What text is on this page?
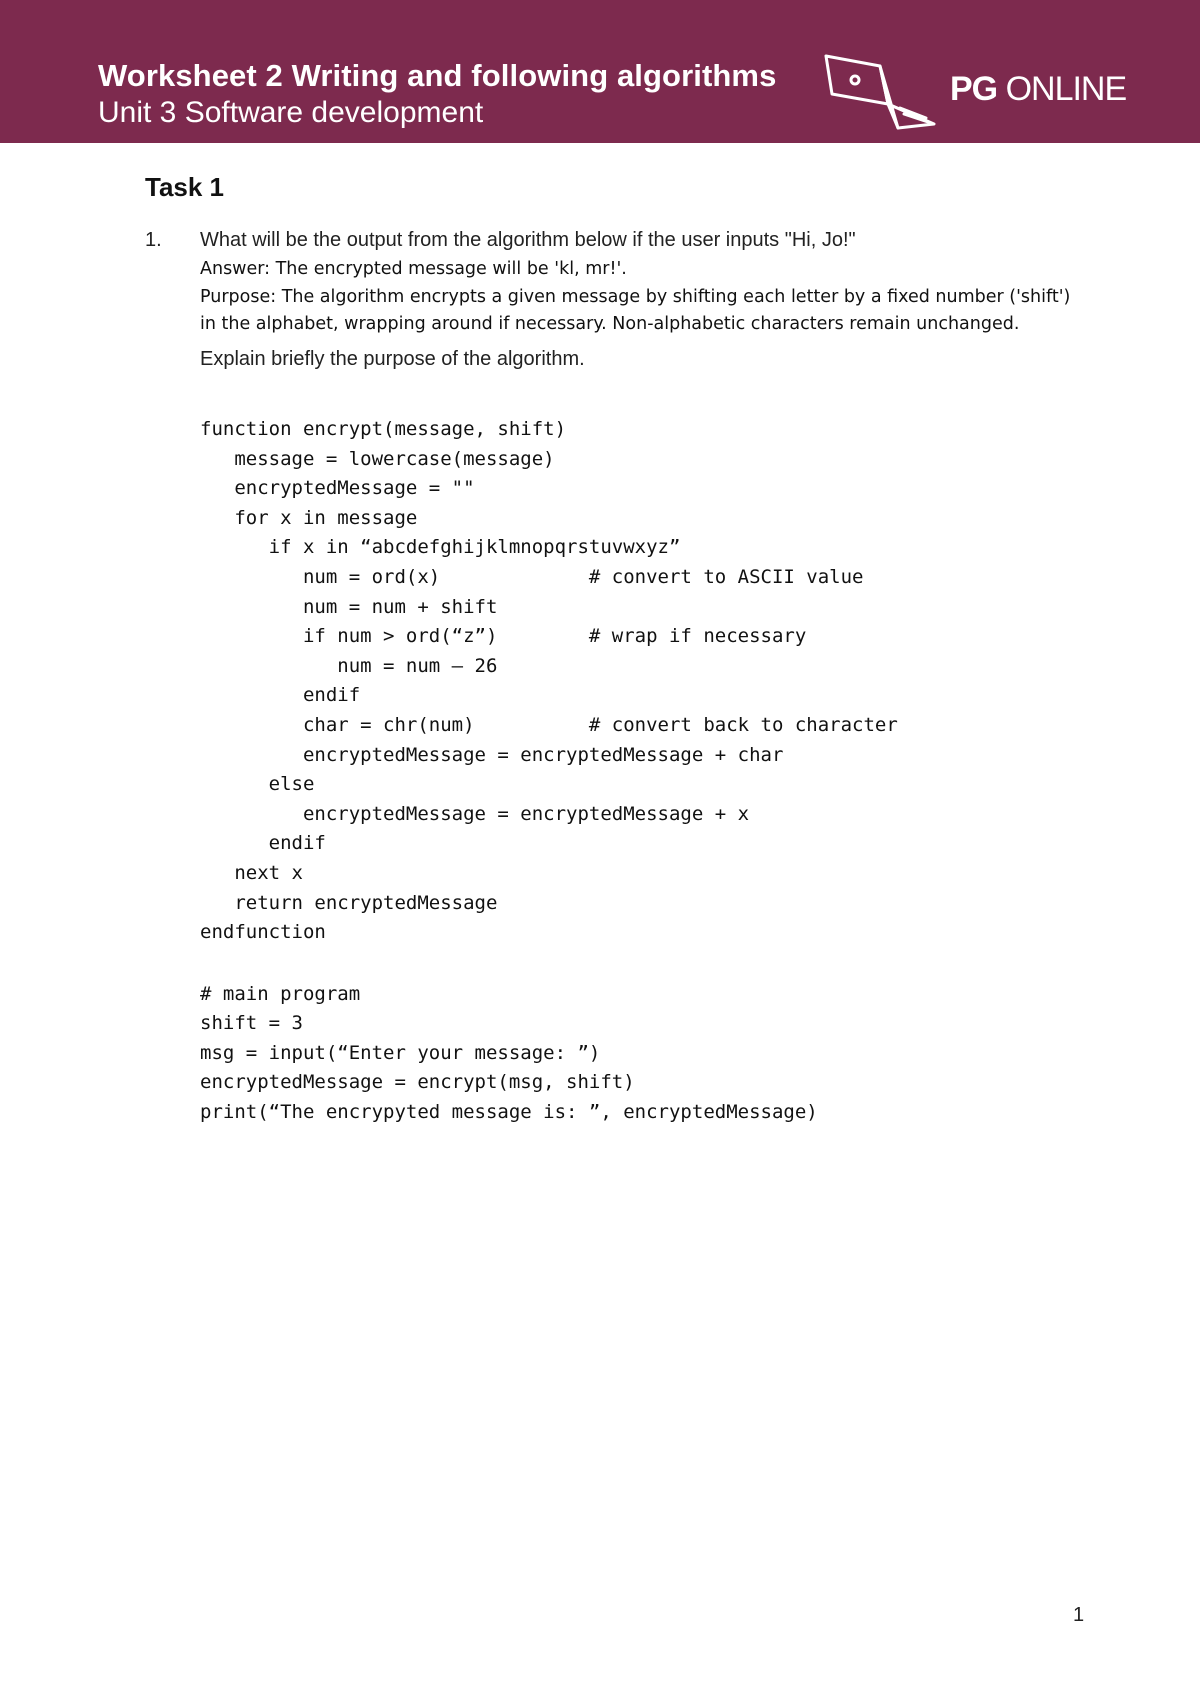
Worksheet 2 Writing and following algorithms
Unit 3 Software development
PG ONLINE
Task 1
1. What will be the output from the algorithm below if the user inputs "Hi, Jo!"

Answer: The encrypted message will be 'kl, mr!'.

Purpose: The algorithm encrypts a given message by shifting each letter by a fixed number ('shift')

in the alphabet, wrapping around if necessary. Non-alphabetic characters remain unchanged.

Explain briefly the purpose of the algorithm.
function encrypt(message, shift)
message = lowercase(message)
encryptedMessage = ""
for x in message
if x in “abcdefghijklmnopqrstuvwxyz”
num = ord(x)             # convert to ASCII value
num = num + shift
if num > ord(“z”)        # wrap if necessary
num = num – 26
endif
char = chr(num)          # convert back to character
encryptedMessage = encryptedMessage + char
else
encryptedMessage = encryptedMessage + x
endif
next x
return encryptedMessage
endfunction
# main program
shift = 3
msg = input(“Enter your message: ”)
encryptedMessage = encrypt(msg, shift)
print(“The encrypyted message is: ”, encryptedMessage)
1
